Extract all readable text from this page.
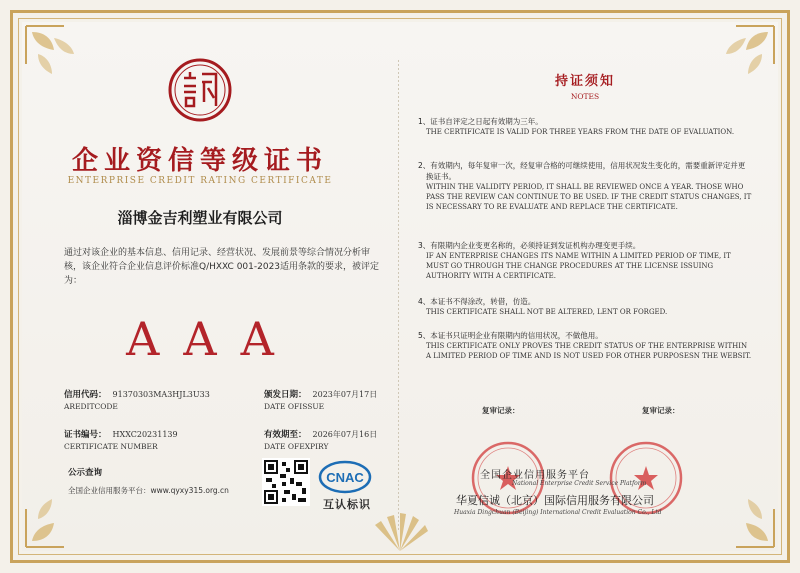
企业资信等级证书
ENTERPRISE CREDIT RATING CERTIFICATE
淄博金吉利塑业有限公司
通过对该企业的基本信息、信用记录、经营状况、发展前景等综合情况分析审核，该企业符合企业信息评价标准Q/HXXC 001-2023适用条款的要求，被评定为：
AAA
信用代码： 91370303MA3HJL3U33
AREDITCODE
颁发日期： 2023年07月17日
DATE OFISSUE
证书编号： HXXC20231139
CERTIFICATE NUMBER
有效期至： 2026年07月16日
DATE OFEXPIRY
公示查询
全国企业信用服务平台：www.qyxy315.org.cn
CNAC
互认标识
持证须知
NOTES
1、证书自评定之日起有效期为三年。
THE CERTIFICATE IS VALID FOR THREE YEARS FROM THE DATE OF EVALUATION.
2、有效期内，每年复审一次，经复审合格的可继续使用，信用状况发生变化的，需要重新评定并更换证书。
WITHIN THE VALIDITY PERIOD, IT SHALL BE REVIEWED ONCE A YEAR. THOSE WHO PASS THE REVIEW CAN CONTINUE TO BE USED. IF THE CREDIT STATUS CHANGES, IT IS NECESSARY TO RE EVALUATE AND REPLACE THE CERTIFICATE.
3、有限期内企业变更名称的，必须持证到发证机构办理变更手续。
IF AN ENTERPRISE CHANGES ITS NAME WITHIN A LIMITED PERIOD OF TIME, IT MUST GO THROUGH THE CHANGE PROCEDURES AT THE LICENSE ISSUING AUTHORITY WITH A CERTIFICATE.
4、本证书不得涂改，转借，仿造。
THIS CERTIFICATE SHALL NOT BE ALTERED, LENT OR FORGED.
5、本证书只证明企业有限期内的信用状况，不做他用。
THIS CERTIFICATE ONLY PROVES THE CREDIT STATUS OF THE ENTERPRISE WITHIN A LIMITED PERIOD OF TIME AND IS NOT USED FOR OTHER PURPOSESN THE WEBSIT.
复审记录：	复审记录：
全国企业信用服务平台
National Enterprise Credit Service Platform
华夏信诚（北京）国际信用服务有限公司
Huaxia Dingchuan (Beijing) International Credit Evaluation Co., Ltd
